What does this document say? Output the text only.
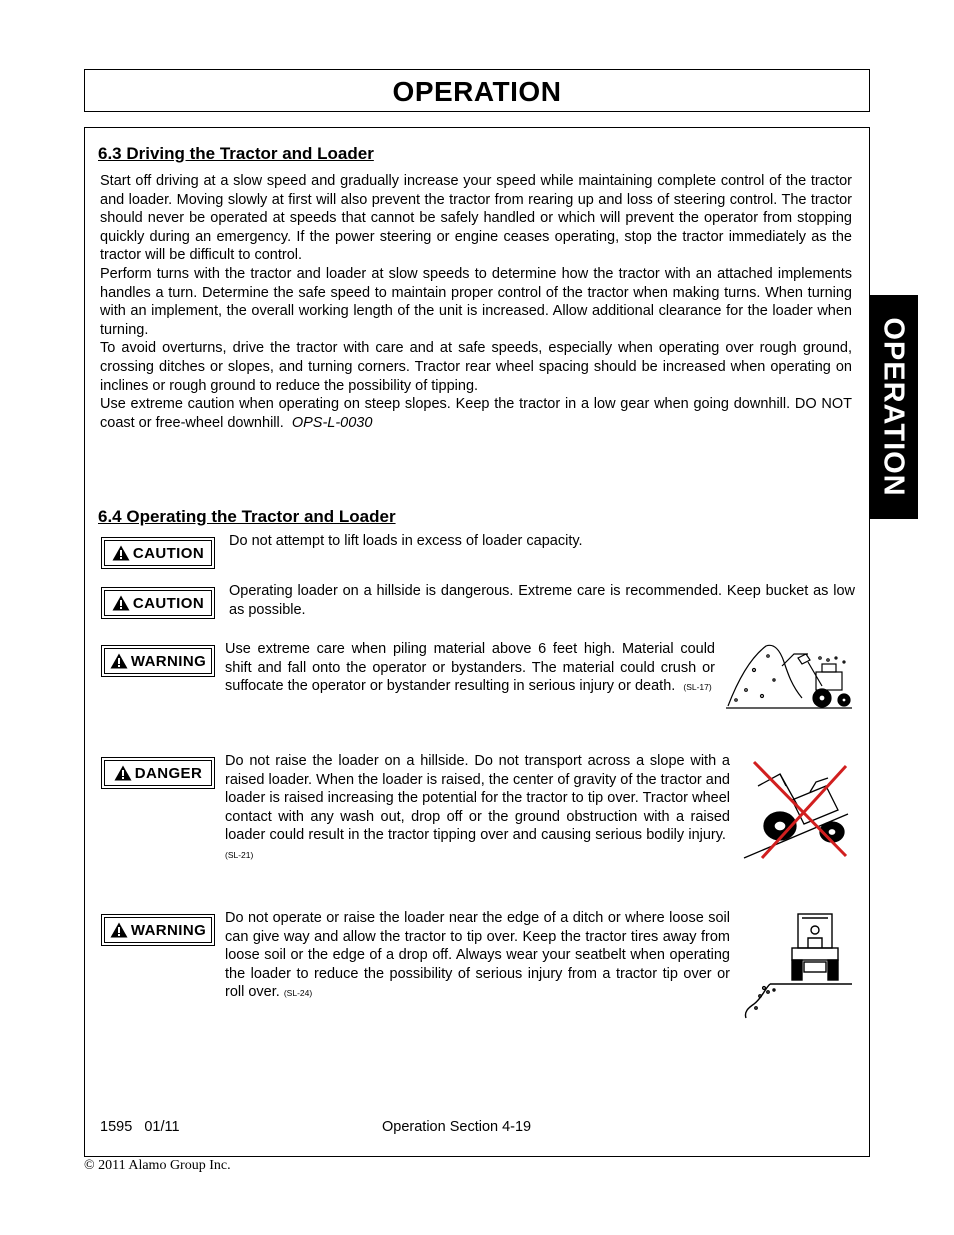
OPERATION
OPERATION
6.3 Driving the Tractor and Loader

Start off driving at a slow speed and gradually increase your speed while maintaining complete control of the tractor and loader. Moving slowly at first will also prevent the tractor from rearing up and loss of steering control. The tractor should never be operated at speeds that cannot be safely handled or which will prevent the operator from stopping quickly during an emergency. If the power steering or engine ceases operating, stop the tractor immediately as the tractor will be difficult to control.

Perform turns with the tractor and loader at slow speeds to determine how the tractor with an attached implements handles a turn. Determine the safe speed to maintain proper control of the tractor when making turns. When turning with an implement, the overall working length of the unit is increased. Allow additional clearance for the loader when turning.

To avoid overturns, drive the tractor with care and at safe speeds, especially when operating over rough ground, crossing ditches or slopes, and turning corners. Tractor rear wheel spacing should be increased when operating on inclines or rough ground to reduce the possibility of tipping.

Use extreme caution when operating on steep slopes. Keep the tractor in a low gear when going downhill. DO NOT coast or free-wheel downhill. OPS-L-0030

6.4 Operating the Tractor and Loader
CAUTION
Do not attempt to lift loads in excess of loader capacity.
CAUTION
Operating loader on a hillside is dangerous. Extreme care is recommended. Keep bucket as low as possible.
WARNING
Use extreme care when piling material above 6 feet high. Material could shift and fall onto the operator or bystanders. The material could crush or suffocate the operator or bystander resulting in serious injury or death. (SL-17)
DANGER
Do not raise the loader on a hillside. Do not transport across a slope with a raised loader. When the loader is raised, the center of gravity of the tractor and loader is raised increasing the potential for the tractor to tip over. Tractor wheel contact with any wash out, drop off or the ground obstruction with a raised loader could result in the tractor tipping over and causing serious bodily injury.  (SL-21)
WARNING
Do not operate or raise the loader near the edge of a ditch or where loose soil can give way and allow the tractor to tip over. Keep the tractor tires away from loose soil or the edge of a drop off. Always wear your seatbelt when operating the loader to reduce the possibility of serious injury from a tractor tip over or roll over. (SL-24)
1595   01/11	Operation Section 4-19
© 2011 Alamo Group Inc.
